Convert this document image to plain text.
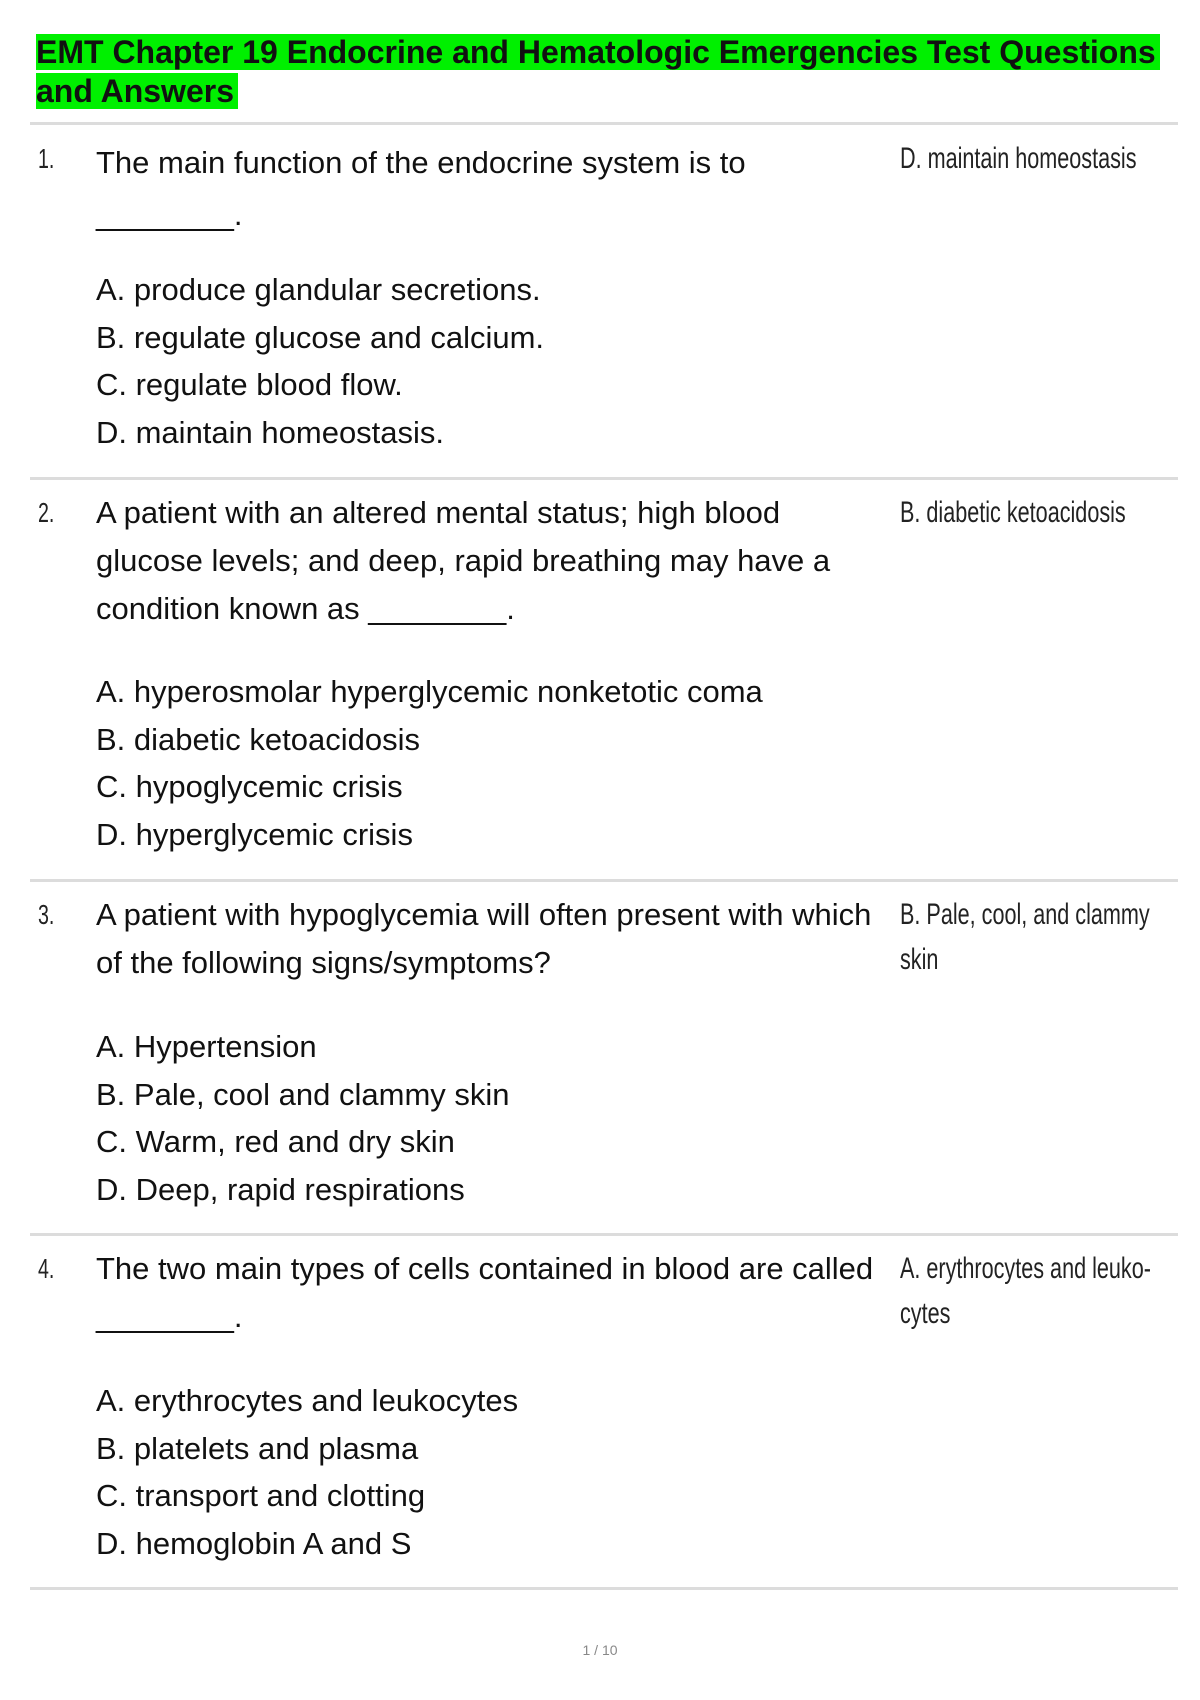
EMT Chapter 19 Endocrine and Hematologic Emergencies Test Questions and Answers
1. The main function of the endocrine system is to ________.
A. produce glandular secretions.
B. regulate glucose and calcium.
C. regulate blood flow.
D. maintain homeostasis.
D. maintain homeostasis
2. A patient with an altered mental status; high blood glucose levels; and deep, rapid breathing may have a condition known as ________.
A. hyperosmolar hyperglycemic nonketotic coma
B. diabetic ketoacidosis
C. hypoglycemic crisis
D. hyperglycemic crisis
B. diabetic ketoacidosis
3. A patient with hypoglycemia will often present with which of the following signs/symptoms?
A. Hypertension
B. Pale, cool and clammy skin
C. Warm, red and dry skin
D. Deep, rapid respirations
B. Pale, cool, and clammy skin
4. The two main types of cells contained in blood are called ________.
A. erythrocytes and leukocytes
B. platelets and plasma
C. transport and clotting
D. hemoglobin A and S
A. erythrocytes and leuko- cytes
1 / 10
